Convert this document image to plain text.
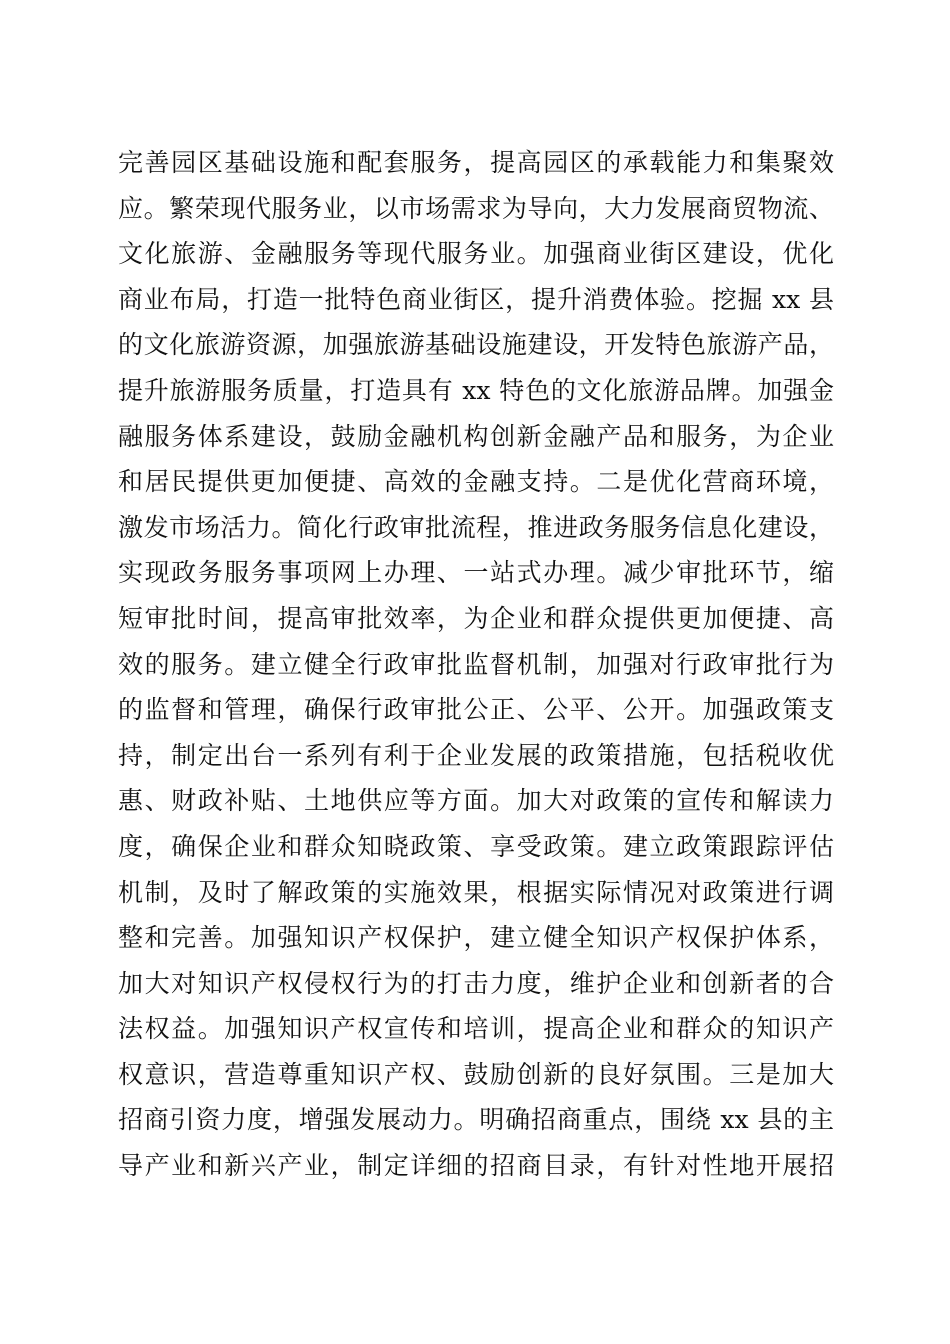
完善园区基础设施和配套服务，提高园区的承载能力和集聚效
应。繁荣现代服务业，以市场需求为导向，大力发展商贸物流、
文化旅游、金融服务等现代服务业。加强商业街区建设，优化
商业布局，打造一批特色商业街区，提升消费体验。挖掘 xx 县
的文化旅游资源，加强旅游基础设施建设，开发特色旅游产品，
提升旅游服务质量，打造具有 xx 特色的文化旅游品牌。加强金
融服务体系建设，鼓励金融机构创新金融产品和服务，为企业
和居民提供更加便捷、高效的金融支持。二是优化营商环境，
激发市场活力。简化行政审批流程，推进政务服务信息化建设，
实现政务服务事项网上办理、一站式办理。减少审批环节，缩
短审批时间，提高审批效率，为企业和群众提供更加便捷、高
效的服务。建立健全行政审批监督机制，加强对行政审批行为
的监督和管理，确保行政审批公正、公平、公开。加强政策支
持，制定出台一系列有利于企业发展的政策措施，包括税收优
惠、财政补贴、土地供应等方面。加大对政策的宣传和解读力
度，确保企业和群众知晓政策、享受政策。建立政策跟踪评估
机制，及时了解政策的实施效果，根据实际情况对政策进行调
整和完善。加强知识产权保护，建立健全知识产权保护体系，
加大对知识产权侵权行为的打击力度，维护企业和创新者的合
法权益。加强知识产权宣传和培训，提高企业和群众的知识产
权意识，营造尊重知识产权、鼓励创新的良好氛围。三是加大
招商引资力度，增强发展动力。明确招商重点，围绕 xx 县的主
导产业和新兴产业，制定详细的招商目录，有针对性地开展招
